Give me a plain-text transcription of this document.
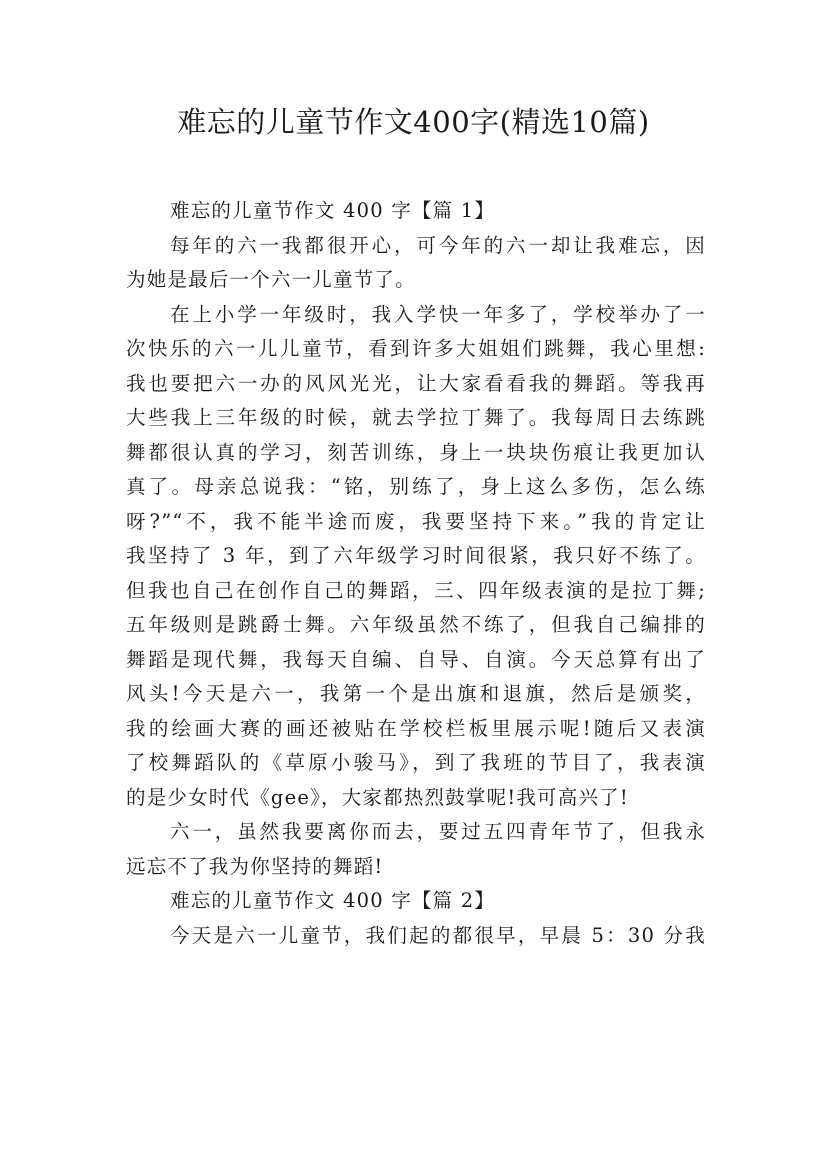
难忘的儿童节作文400字(精选10篇)
难忘的儿童节作文 400 字【篇 1】
每年的六一我都很开心，可今年的六一却让我难忘，因
为她是最后一个六一儿童节了。
在上小学一年级时，我入学快一年多了，学校举办了一
次快乐的六一儿儿童节，看到许多大姐姐们跳舞，我心里想:
我也要把六一办的风风光光，让大家看看我的舞蹈。等我再
大些我上三年级的时候，就去学拉丁舞了。我每周日去练跳
舞都很认真的学习，刻苦训练，身上一块块伤痕让我更加认
真了。母亲总说我：“铭，别练了，身上这么多伤，怎么练
呀?”“不，我不能半途而废，我要坚持下来。”我的肯定让
我坚持了 3 年，到了六年级学习时间很紧，我只好不练了。
但我也自己在创作自己的舞蹈，三、四年级表演的是拉丁舞;
五年级则是跳爵士舞。六年级虽然不练了，但我自己编排的
舞蹈是现代舞，我每天自编、自导、自演。今天总算有出了
风头!今天是六一，我第一个是出旗和退旗，然后是颁奖，
我的绘画大赛的画还被贴在学校栏板里展示呢!随后又表演
了校舞蹈队的《草原小骏马》，到了我班的节目了，我表演
的是少女时代《gee》，大家都热烈鼓掌呢!我可高兴了!
六一，虽然我要离你而去，要过五四青年节了，但我永
远忘不了我为你坚持的舞蹈!
难忘的儿童节作文 400 字【篇 2】
今天是六一儿童节，我们起的都很早，早晨 5：30 分我
